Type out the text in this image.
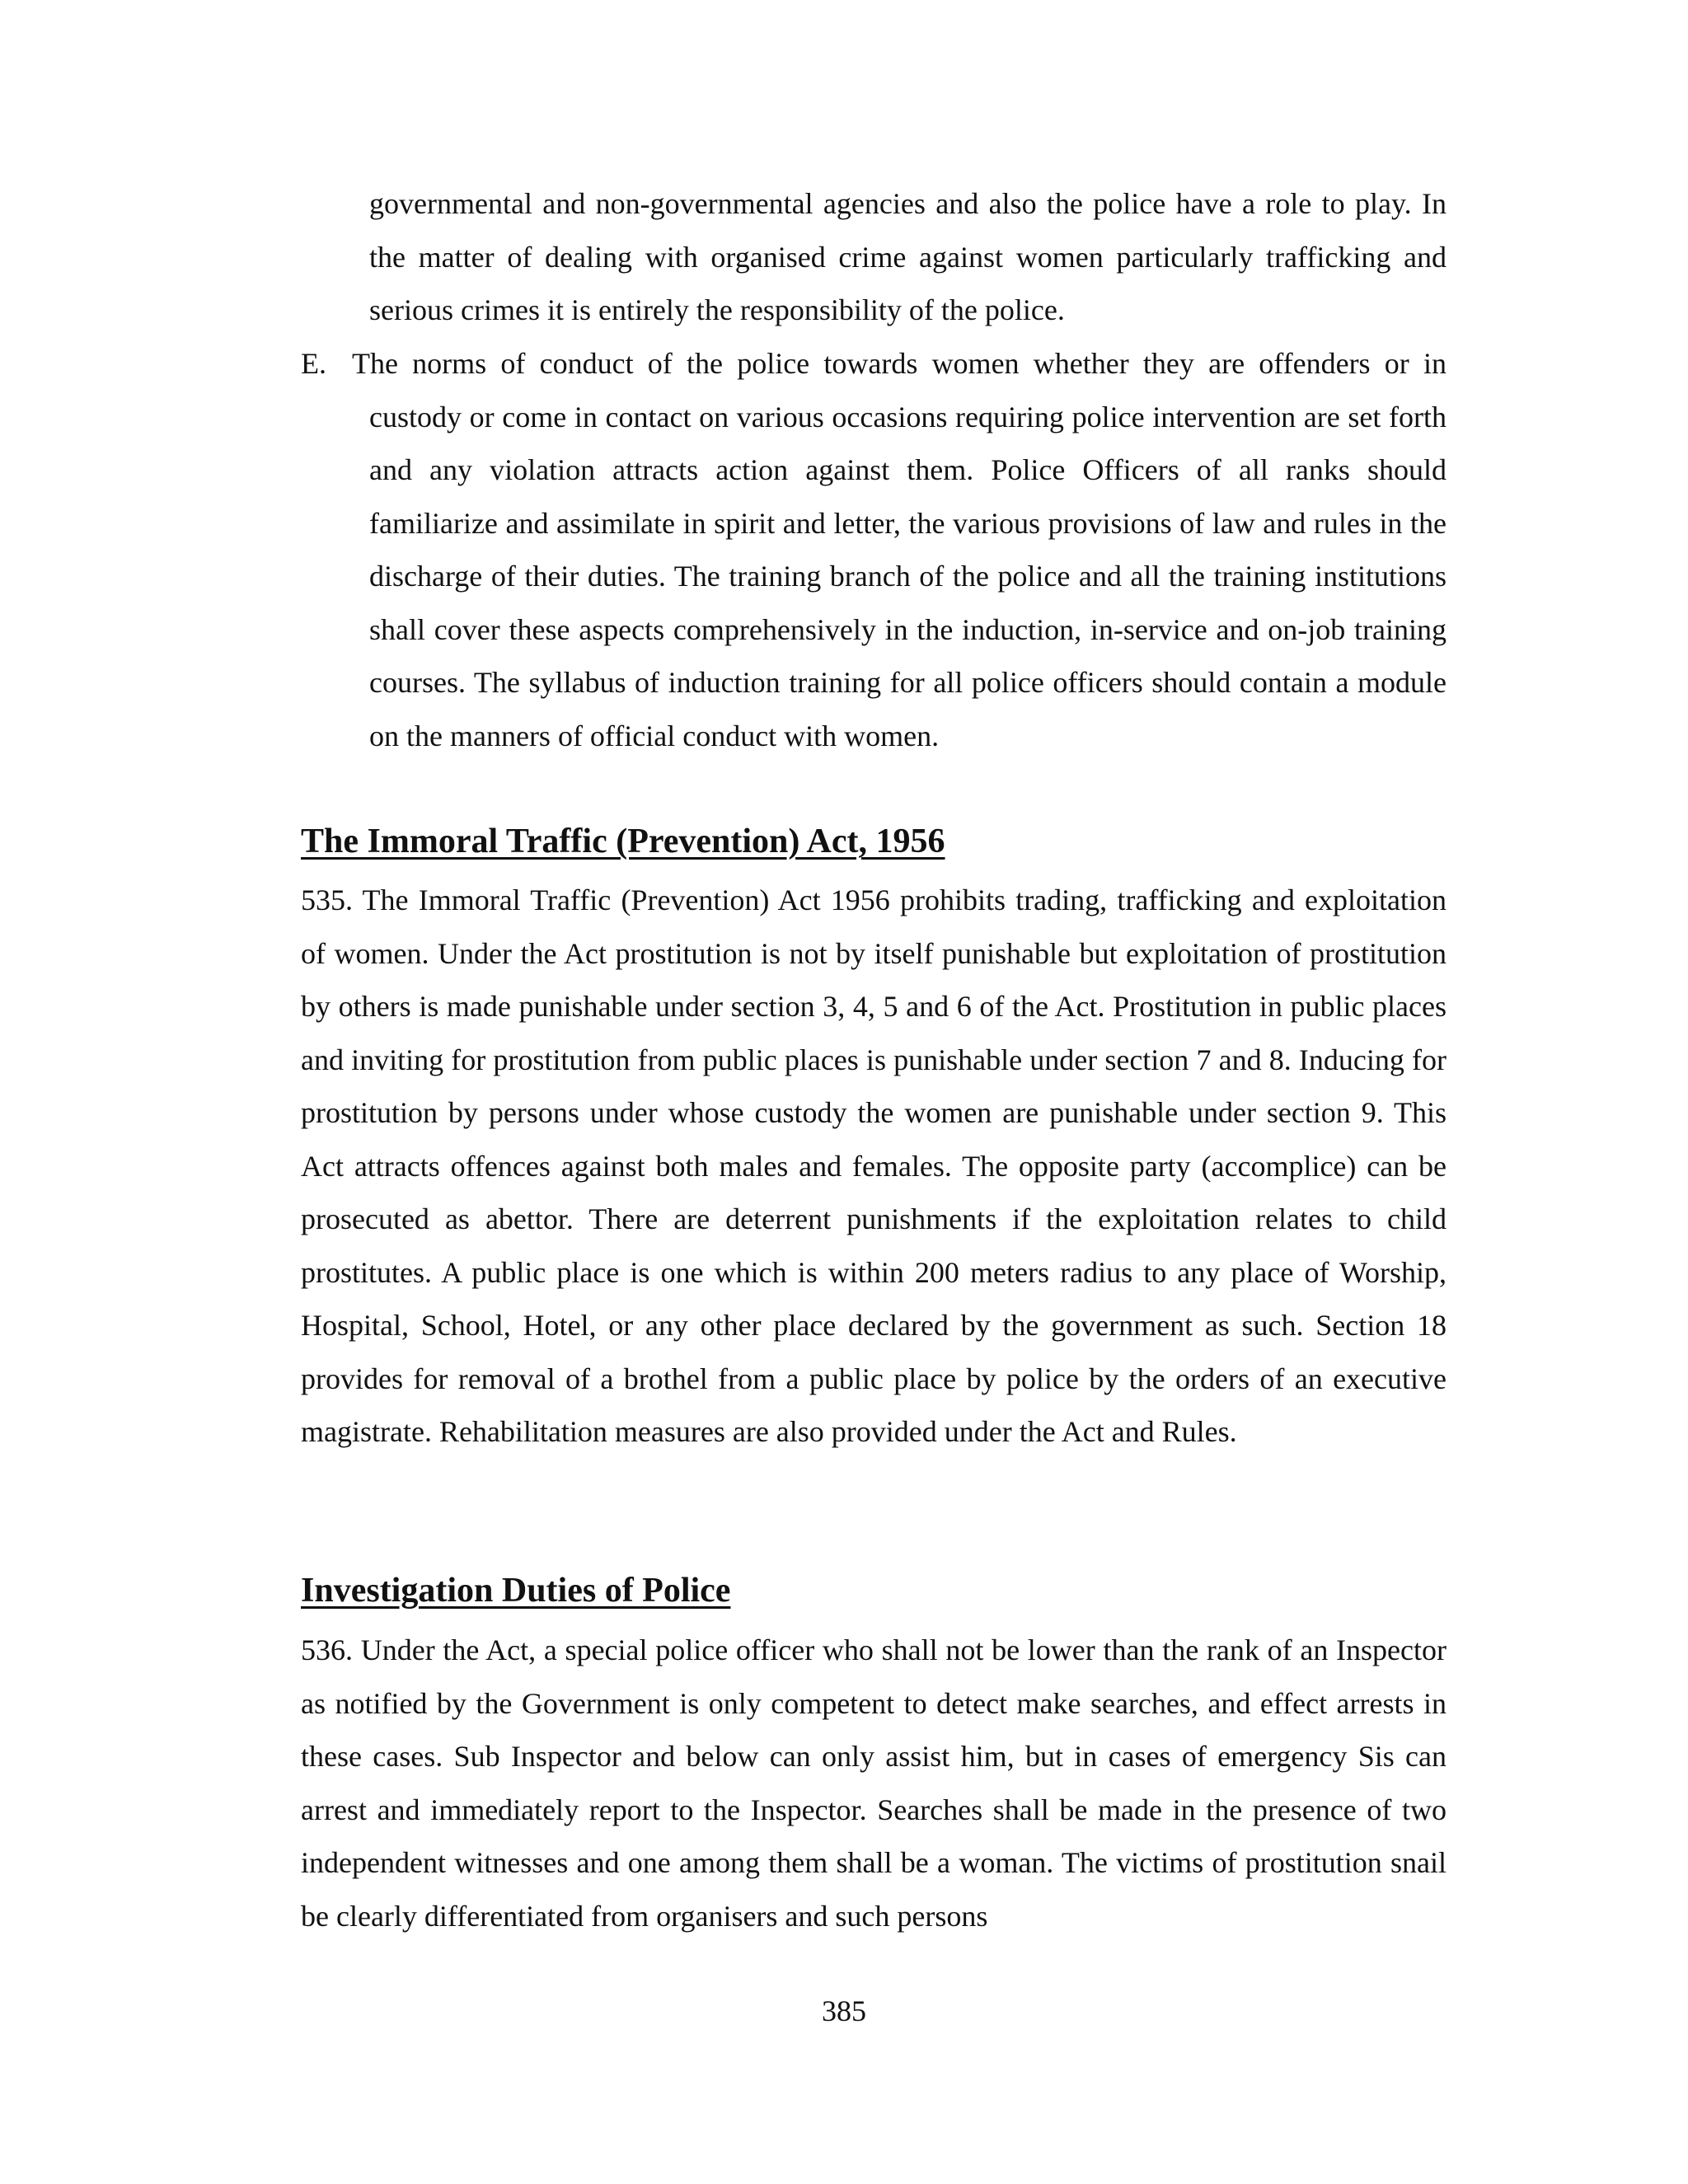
governmental and non-governmental agencies and also the police have a role to play. In the matter of dealing with organised crime against women particularly trafficking and serious crimes it is entirely the responsibility of the police.
E. The norms of conduct of the police towards women whether they are offenders or in
custody or come in contact on various occasions requiring police intervention are set forth and any violation attracts action against them. Police Officers of all ranks should familiarize and assimilate in spirit and letter, the various provisions of law and rules in the discharge of their duties. The training branch of the police and all the training institutions shall cover these aspects comprehensively in the induction, in-service and on-job training courses. The syllabus of induction training for all police officers should contain a module on the manners of official conduct with women.
The Immoral Traffic (Prevention) Act, 1956
535. The Immoral Traffic (Prevention) Act 1956 prohibits trading, trafficking and exploitation of women. Under the Act prostitution is not by itself punishable but exploitation of prostitution by others is made punishable under section 3, 4, 5 and 6 of the Act. Prostitution in public places and inviting for prostitution from public places is punishable under section 7 and 8. Inducing for prostitution by persons under whose custody the women are punishable under section 9. This Act attracts offences against both males and females. The opposite party (accomplice) can be prosecuted as abettor. There are deterrent punishments if the exploitation relates to child prostitutes. A public place is one which is within 200 meters radius to any place of Worship, Hospital, School, Hotel, or any other place declared by the government as such. Section 18 provides for removal of a brothel from a public place by police by the orders of an executive magistrate. Rehabilitation measures are also provided under the Act and Rules.
Investigation Duties of Police
536. Under the Act, a special police officer who shall not be lower than the rank of an Inspector as notified by the Government is only competent to detect make searches, and effect arrests in these cases. Sub Inspector and below can only assist him, but in cases of emergency Sis can arrest and immediately report to the Inspector. Searches shall be made in the presence of two independent witnesses and one among them shall be a woman. The victims of prostitution snail be clearly differentiated from organisers and such persons
385
